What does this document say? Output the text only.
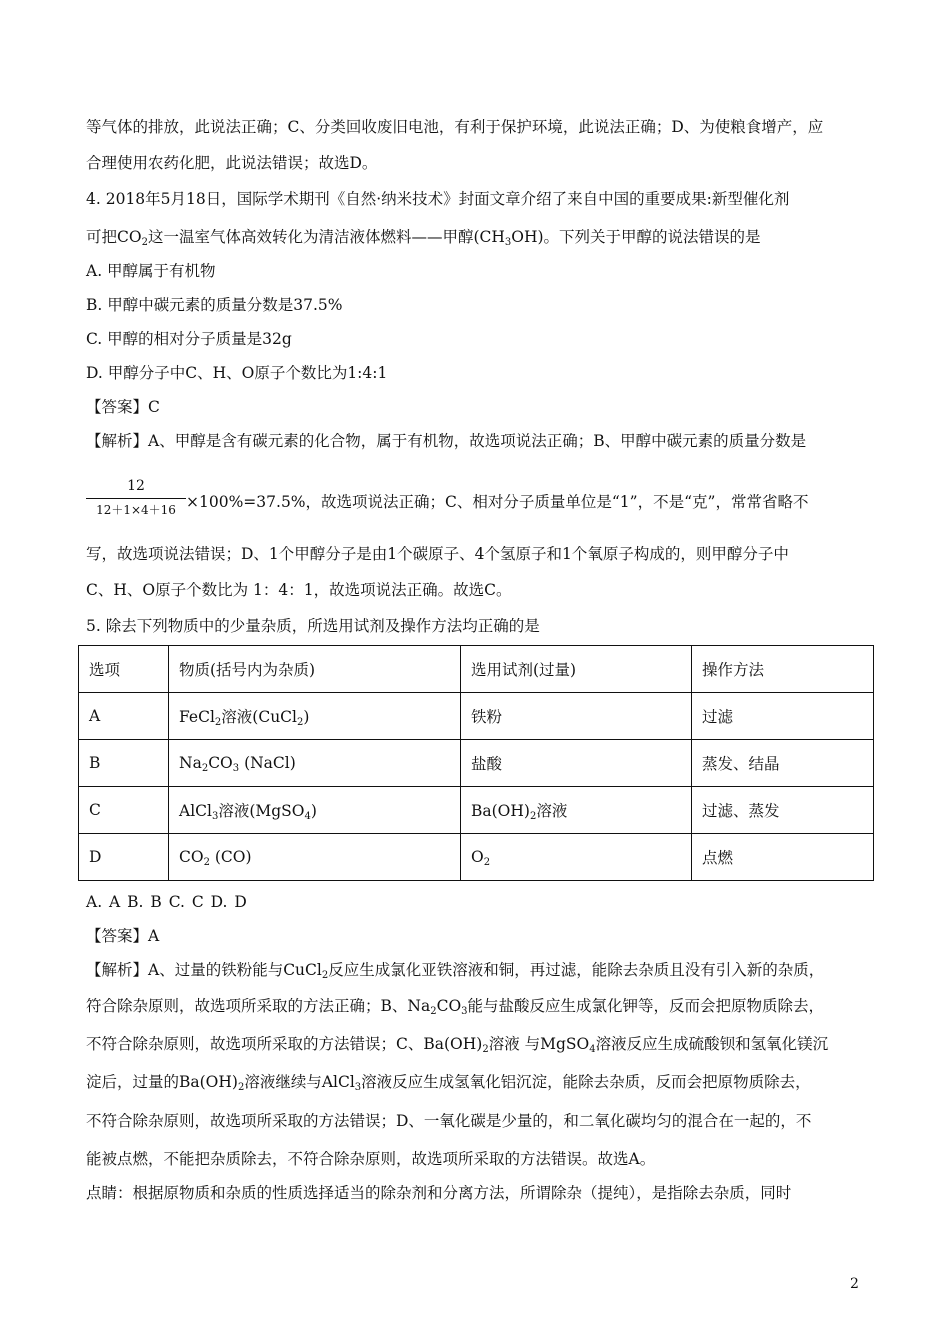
等气体的排放，此说法正确；C、分类回收废旧电池，有利于保护环境，此说法正确；D、为使粮食增产，应
合理使用农药化肥，此说法错误；故选D。
4. 2018年5月18日，国际学术期刊《自然·纳米技术》封面文章介绍了来自中国的重要成果:新型催化剂
可把$CO_2$这一温室气体高效转化为清洁液体燃料——甲醇$(CH_3OH)$。下列关于甲醇的说法错误的是
A. 甲醇属于有机物
B. 甲醇中碳元素的质量分数是37.5%
C. 甲醇的相对分子质量是32g
D. 甲醇分子中C、H、O原子个数比为1:4:1
【答案】C
【解析】A、甲醇是含有碳元素的化合物，属于有机物，故选项说法正确；B、甲醇中碳元素的质量分数是
12
12＋1×4＋16 ×100%=37.5%，故选项说法正确；C、相对分子质量单位是“1”，不是“克”，常常省略不
写，故选项说法错误；D、1个甲醇分子是由1个碳原子、4个氢原子和1个氧原子构成的，则甲醇分子中
C、H、O原子个数比为 1：4：1，故选项说法正确。故选C。
5. 除去下列物质中的少量杂质，所选用试剂及操作方法均正确的是
选项	物质(括号内为杂质)	选用试剂(过量)	操作方法
A	FeCl$_2$溶液(CuCl$_2$)	铁粉	过滤
B	$Na_2CO_3$ (NaCl)	盐酸	蒸发、结晶
C	AlCl$_3$溶液(MgSO$_4$)	$Ba(OH)_2$溶液	过滤、蒸发
D	$CO_2$ (CO)	$O_2$	点燃
A. A B. B C. C D. D
【答案】A
【解析】A、过量的铁粉能与CuCl$_2$反应生成氯化亚铁溶液和铜，再过滤，能除去杂质且没有引入新的杂质，
符合除杂原则，故选项所采取的方法正确；B、$Na_2CO_3$能与盐酸反应生成氯化钾等，反而会把原物质除去，
不符合除杂原则，故选项所采取的方法错误；C、$Ba(OH)_2$溶液 与MgSO$_4$溶液反应生成硫酸钡和氢氧化镁沉
淀后，过量的$Ba(OH)_2$溶液继续与AlCl$_3$溶液反应生成氢氧化铝沉淀，能除去杂质，反而会把原物质除去，
不符合除杂原则，故选项所采取的方法错误；D、一氧化碳是少量的，和二氧化碳均匀的混合在一起的，不
能被点燃，不能把杂质除去，不符合除杂原则，故选项所采取的方法错误。故选A。
点睛：根据原物质和杂质的性质选择适当的除杂剂和分离方法，所谓除杂（提纯），是指除去杂质，同时
2
